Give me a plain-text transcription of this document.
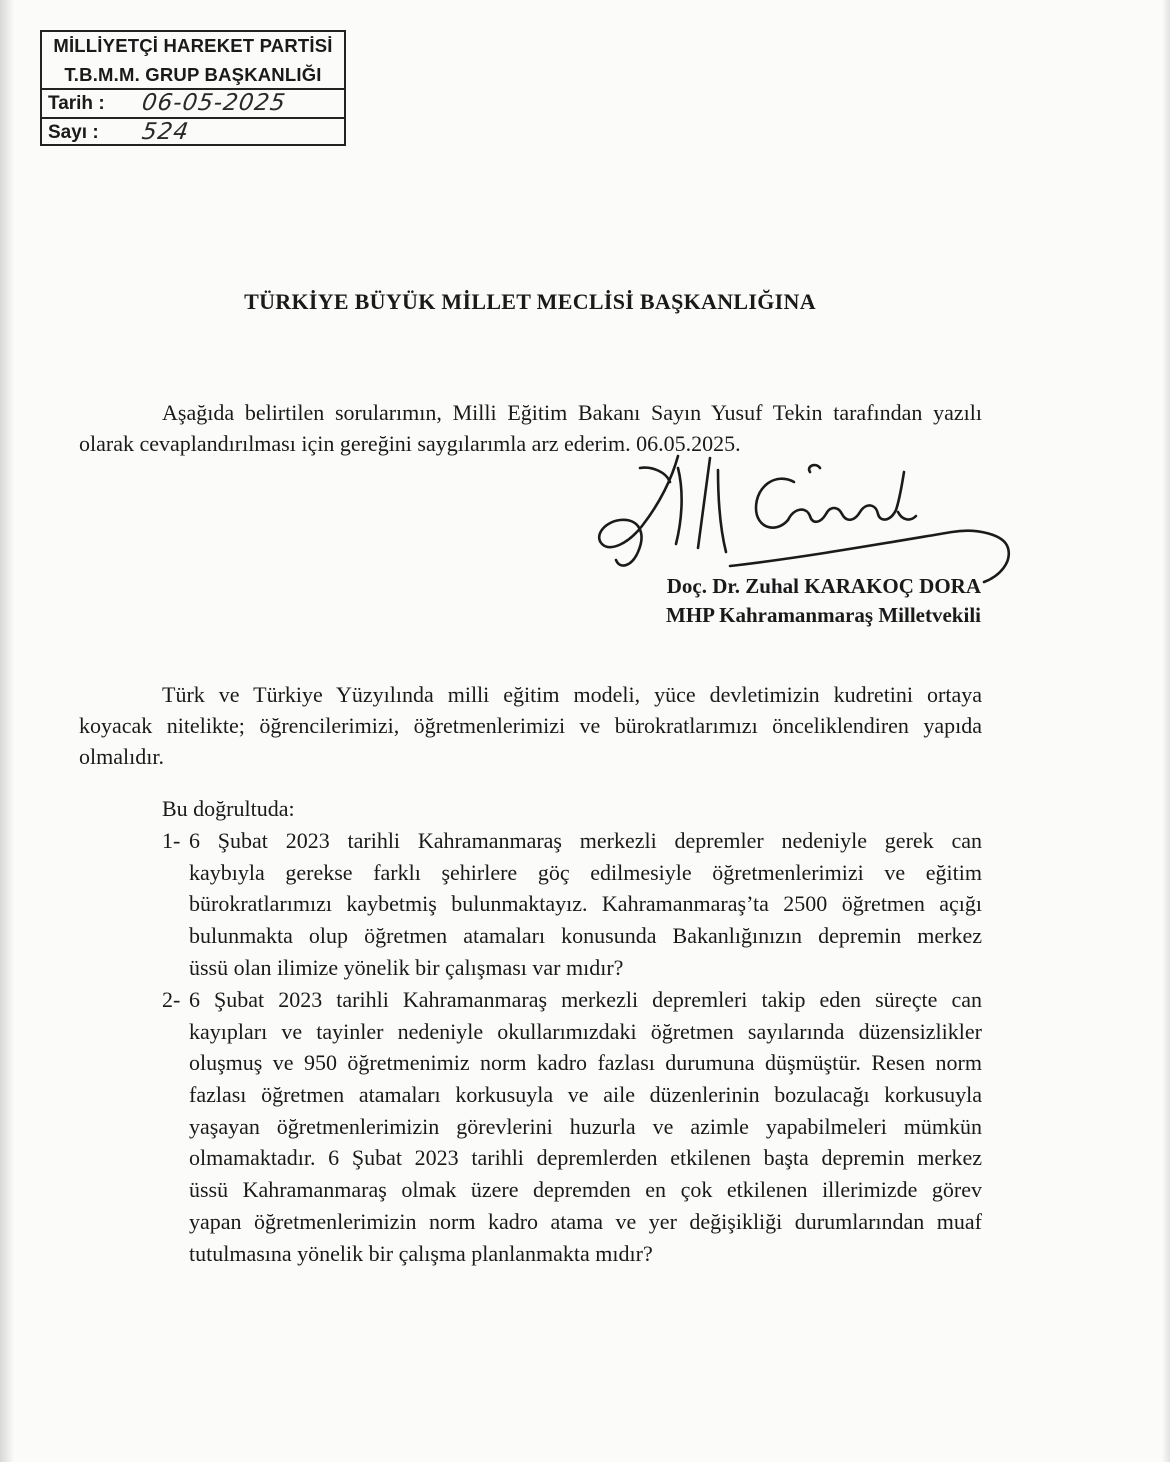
MİLLİYETÇİ HAREKET PARTİSİ
T.B.M.M. GRUP BAŞKANLIĞI
Tarih : 06-05-2025
Sayı : 524
TÜRKİYE BÜYÜK MİLLET MECLİSİ BAŞKANLIĞINA
Aşağıda belirtilen sorularımın, Milli Eğitim Bakanı Sayın Yusuf Tekin tarafından yazılı
olarak cevaplandırılması için gereğini saygılarımla arz ederim. 06.05.2025.
Doç. Dr. Zuhal KARAKOÇ DORA
MHP Kahramanmaraş Milletvekili
Türk ve Türkiye Yüzyılında milli eğitim modeli, yüce devletimizin kudretini ortaya
koyacak nitelikte; öğrencilerimizi, öğretmenlerimizi ve bürokratlarımızı önceliklendiren yapıda
olmalıdır.
Bu doğrultuda:
1- 6 Şubat 2023 tarihli Kahramanmaraş merkezli depremler nedeniyle gerek can
kaybıyla gerekse farklı şehirlere göç edilmesiyle öğretmenlerimizi ve eğitim
bürokratlarımızı kaybetmiş bulunmaktayız. Kahramanmaraş’ta 2500 öğretmen açığı
bulunmakta olup öğretmen atamaları konusunda Bakanlığınızın depremin merkez
üssü olan ilimize yönelik bir çalışması var mıdır?
2- 6 Şubat 2023 tarihli Kahramanmaraş merkezli depremleri takip eden süreçte can
kayıpları ve tayinler nedeniyle okullarımızdaki öğretmen sayılarında düzensizlikler
oluşmuş ve 950 öğretmenimiz norm kadro fazlası durumuna düşmüştür. Resen norm
fazlası öğretmen atamaları korkusuyla ve aile düzenlerinin bozulacağı korkusuyla
yaşayan öğretmenlerimizin görevlerini huzurla ve azimle yapabilmeleri mümkün
olmamaktadır. 6 Şubat 2023 tarihli depremlerden etkilenen başta depremin merkez
üssü Kahramanmaraş olmak üzere depremden en çok etkilenen illerimizde görev
yapan öğretmenlerimizin norm kadro atama ve yer değişikliği durumlarından muaf
tutulmasına yönelik bir çalışma planlanmakta mıdır?
